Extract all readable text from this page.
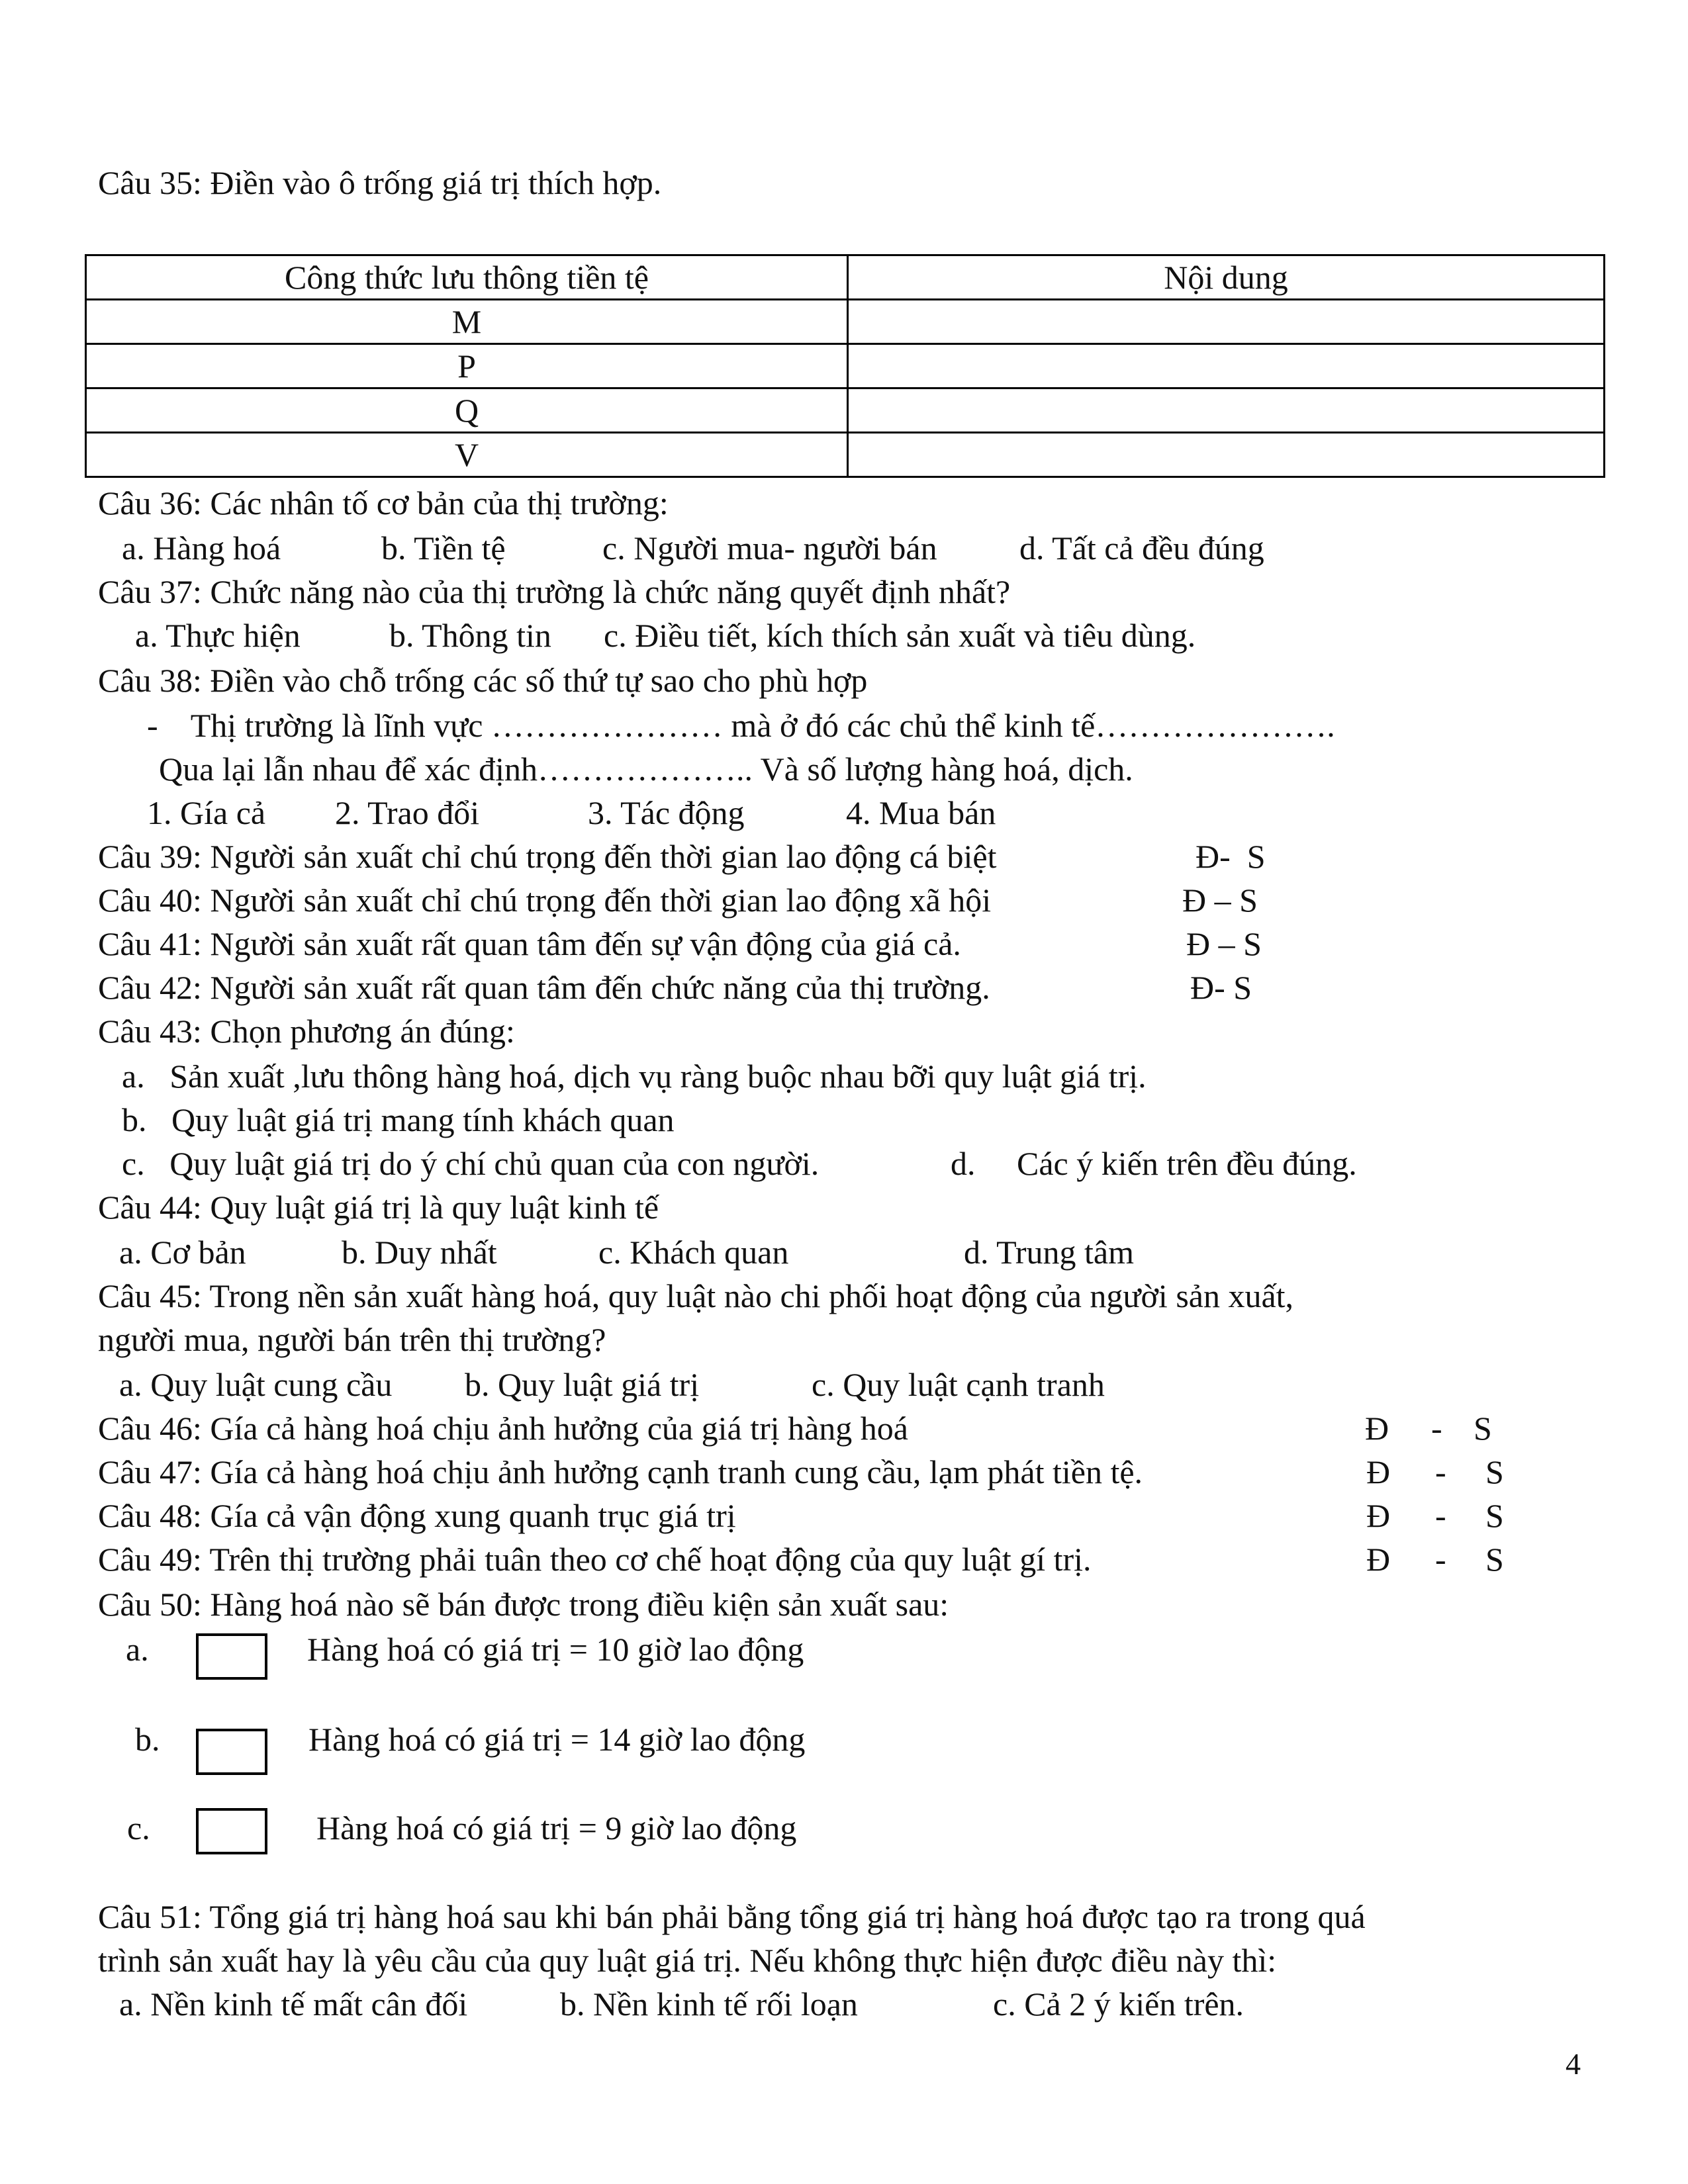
Câu 35: Điền vào ô trống giá trị thích hợp.

Công thức lưu thông tiền tệ	Nội dung
M	
P	
Q	
V	

Câu 36: Các nhân tố cơ bản của thị trường:

a. Hàng hoá	b. Tiền tệ	c. Người mua- người bán d. Tất cả đều đúng

Câu 37: Chức năng nào của thị trường là chức năng quyết định nhất?

a. Thực hiện	b. Thông tin c. Điều tiết, kích thích sản xuất và tiêu dùng.

Câu 38: Điền vào chỗ trống các số thứ tự sao cho phù hợp

-    Thị trường là lĩnh vực ………………… mà ở đó các chủ thể kinh tế………………….

Qua lại lẫn nhau để xác định……………….. Và số lượng hàng hoá, dịch.

1. Gía cả 2. Trao đổi	3. Tác động	4. Mua bán

Câu 39: Người sản xuất chỉ chú trọng đến thời gian lao động cá biệt	Đ-  S

Câu 40: Người sản xuất chỉ chú trọng đến thời gian lao động xã hội	Đ – S

Câu 41: Người sản xuất rất quan tâm đến sự vận động của giá cả.	Đ – S

Câu 42: Người sản xuất rất quan tâm đến chức năng của thị trường.	Đ- S

Câu 43: Chọn phương án đúng:

a.   Sản xuất ,lưu thông hàng hoá, dịch vụ ràng buộc nhau bỡi quy luật giá trị.

b.   Quy luật giá trị mang tính khách quan

c.   Quy luật giá trị do ý chí chủ quan của con người.	d.     Các ý kiến trên đều đúng.

Câu 44: Quy luật giá trị là quy luật kinh tế

a. Cơ bản	b. Duy nhất	c. Khách quan	d. Trung tâm

Câu 45: Trong nền sản xuất hàng hoá, quy luật nào chi phối hoạt động của người sản xuất,

người mua, người bán trên thị trường?

a. Quy luật cung cầu b. Quy luật giá trị	c. Quy luật cạnh tranh

Câu 46: Gía cả hàng hoá chịu ảnh hưởng của giá trị hàng hoá	Đ - S

Câu 47: Gía cả hàng hoá chịu ảnh hưởng cạnh tranh cung cầu, lạm phát tiền tệ.	Đ - S

Câu 48: Gía cả vận động xung quanh trục giá trị	Đ - S

Câu 49: Trên thị trường phải tuân theo cơ chế hoạt động của quy luật gí trị.	Đ - S

Câu 50: Hàng hoá nào sẽ bán được trong điều kiện sản xuất sau:

a.	Hàng hoá có giá trị = 10 giờ lao động

b.	Hàng hoá có giá trị = 14 giờ lao động

c.	Hàng hoá có giá trị = 9 giờ lao động

Câu 51: Tổng giá trị hàng hoá sau khi bán phải bằng tổng giá trị hàng hoá được tạo ra trong quá

trình sản xuất hay là yêu cầu của quy luật giá trị. Nếu không thực hiện được điều này thì:

a. Nền kinh tế mất cân đối	b. Nền kinh tế rối loạn	c. Cả 2 ý kiến trên.

4
